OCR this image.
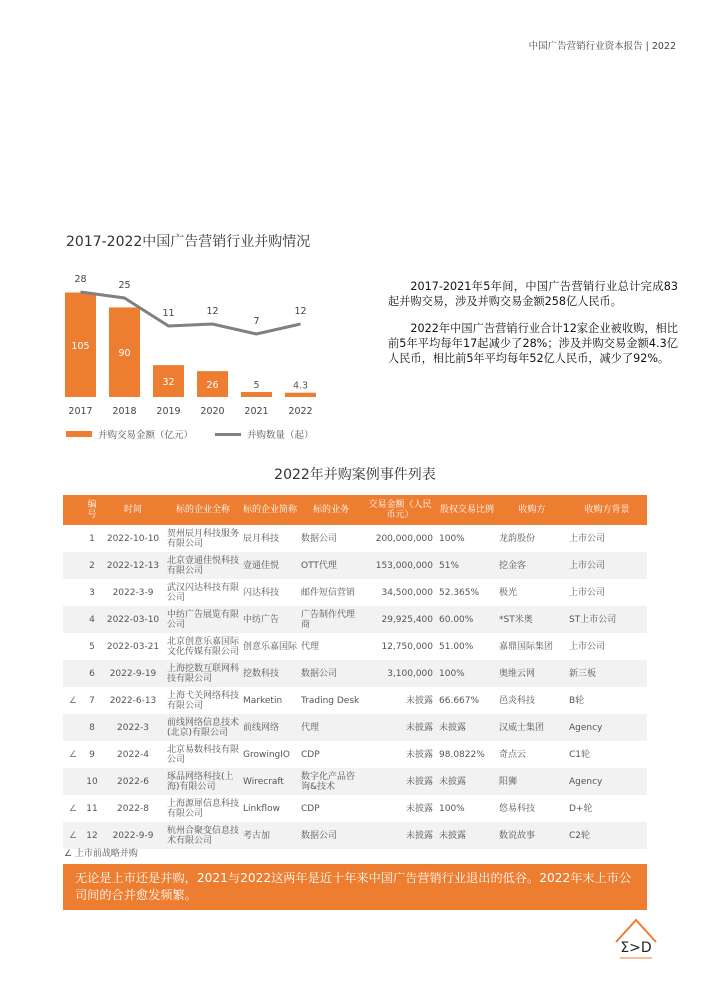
中国广告营销行业资本报告 | 2022
2017-2022中国广告营销行业并购情况
105
2017
90
2018
32
2019
26
2020
5
2021
4.3
2022
28
25
11	12
7
12
并购交易金额（亿元）	并购数量（起）

2017-2021年5年间，中国广告营销行业总计完成83起并购交易，涉及并购交易金额258亿人民币。

2022年中国广告营销行业合计12家企业被收购，相比前5年平均每年17起减少了28%；涉及并购交易金额4.3亿人民币，相比前5年平均每年52亿人民币，减少了92%。

2022年并购案例事件列表
	编号	时间	标的企业全称	标的企业简称	标的业务	交易金额（人民币元）	股权交易比例	收购方	收购方背景
	1	2022-10-10	贺州辰月科技服务有限公司	辰月科技	数据公司	200,000,000	100%	龙韵股份	上市公司
	2	2022-12-13	北京壹通佳悦科技有限公司	壹通佳悦	OTT代理	153,000,000	51%	挖金客	上市公司
	3	2022-3-9	武汉闪达科技有限公司	闪达科技	邮件短信营销	34,500,000	52.365%	极光	上市公司
	4	2022-03-10	中纺广告展览有限公司	中纺广告	广告制作代理商	29,925,400	60.00%	*ST米奥	ST上市公司
	5	2022-03-21	北京创意乐嘉国际文化传媒有限公司	创意乐嘉国际	代理	12,750,000	51.00%	嘉鼎国际集团	上市公司
	6	2022-9-19	上海挖数互联网科技有限公司	挖数科技	数据公司	3,100,000	100%	奥维云网	新三板
∠	7	2022-6-13	上海弋关网络科技有限公司	Marketin	Trading Desk	未披露	66.667%	邑炎科技	B轮
	8	2022-3	前线网络信息技术(北京)有限公司	前线网络	代理	未披露	未披露	汉威士集团	Agency
∠	9	2022-4	北京易数科技有限公司	GrowingIO	CDP	未披露	98.0822%	奇点云	C1轮
	10	2022-6	琢品网络科技(上海)有限公司	Wirecraft	数字化产品咨询&技术	未披露	未披露	阳狮	Agency
∠	11	2022-8	上海源犀信息科技有限公司	Linkflow	CDP	未披露	100%	悠易科技	D+轮
∠	12	2022-9-9	杭州合聚变信息技术有限公司	考古加	数据公司	未披露	未披露	数说故事	C2轮
∠ 上市前战略并购
无论是上市还是并购，2021与2022这两年是近十年来中国广告营销行业退出的低谷。2022年末上市公司间的合并愈发频繁。
Σ>D
